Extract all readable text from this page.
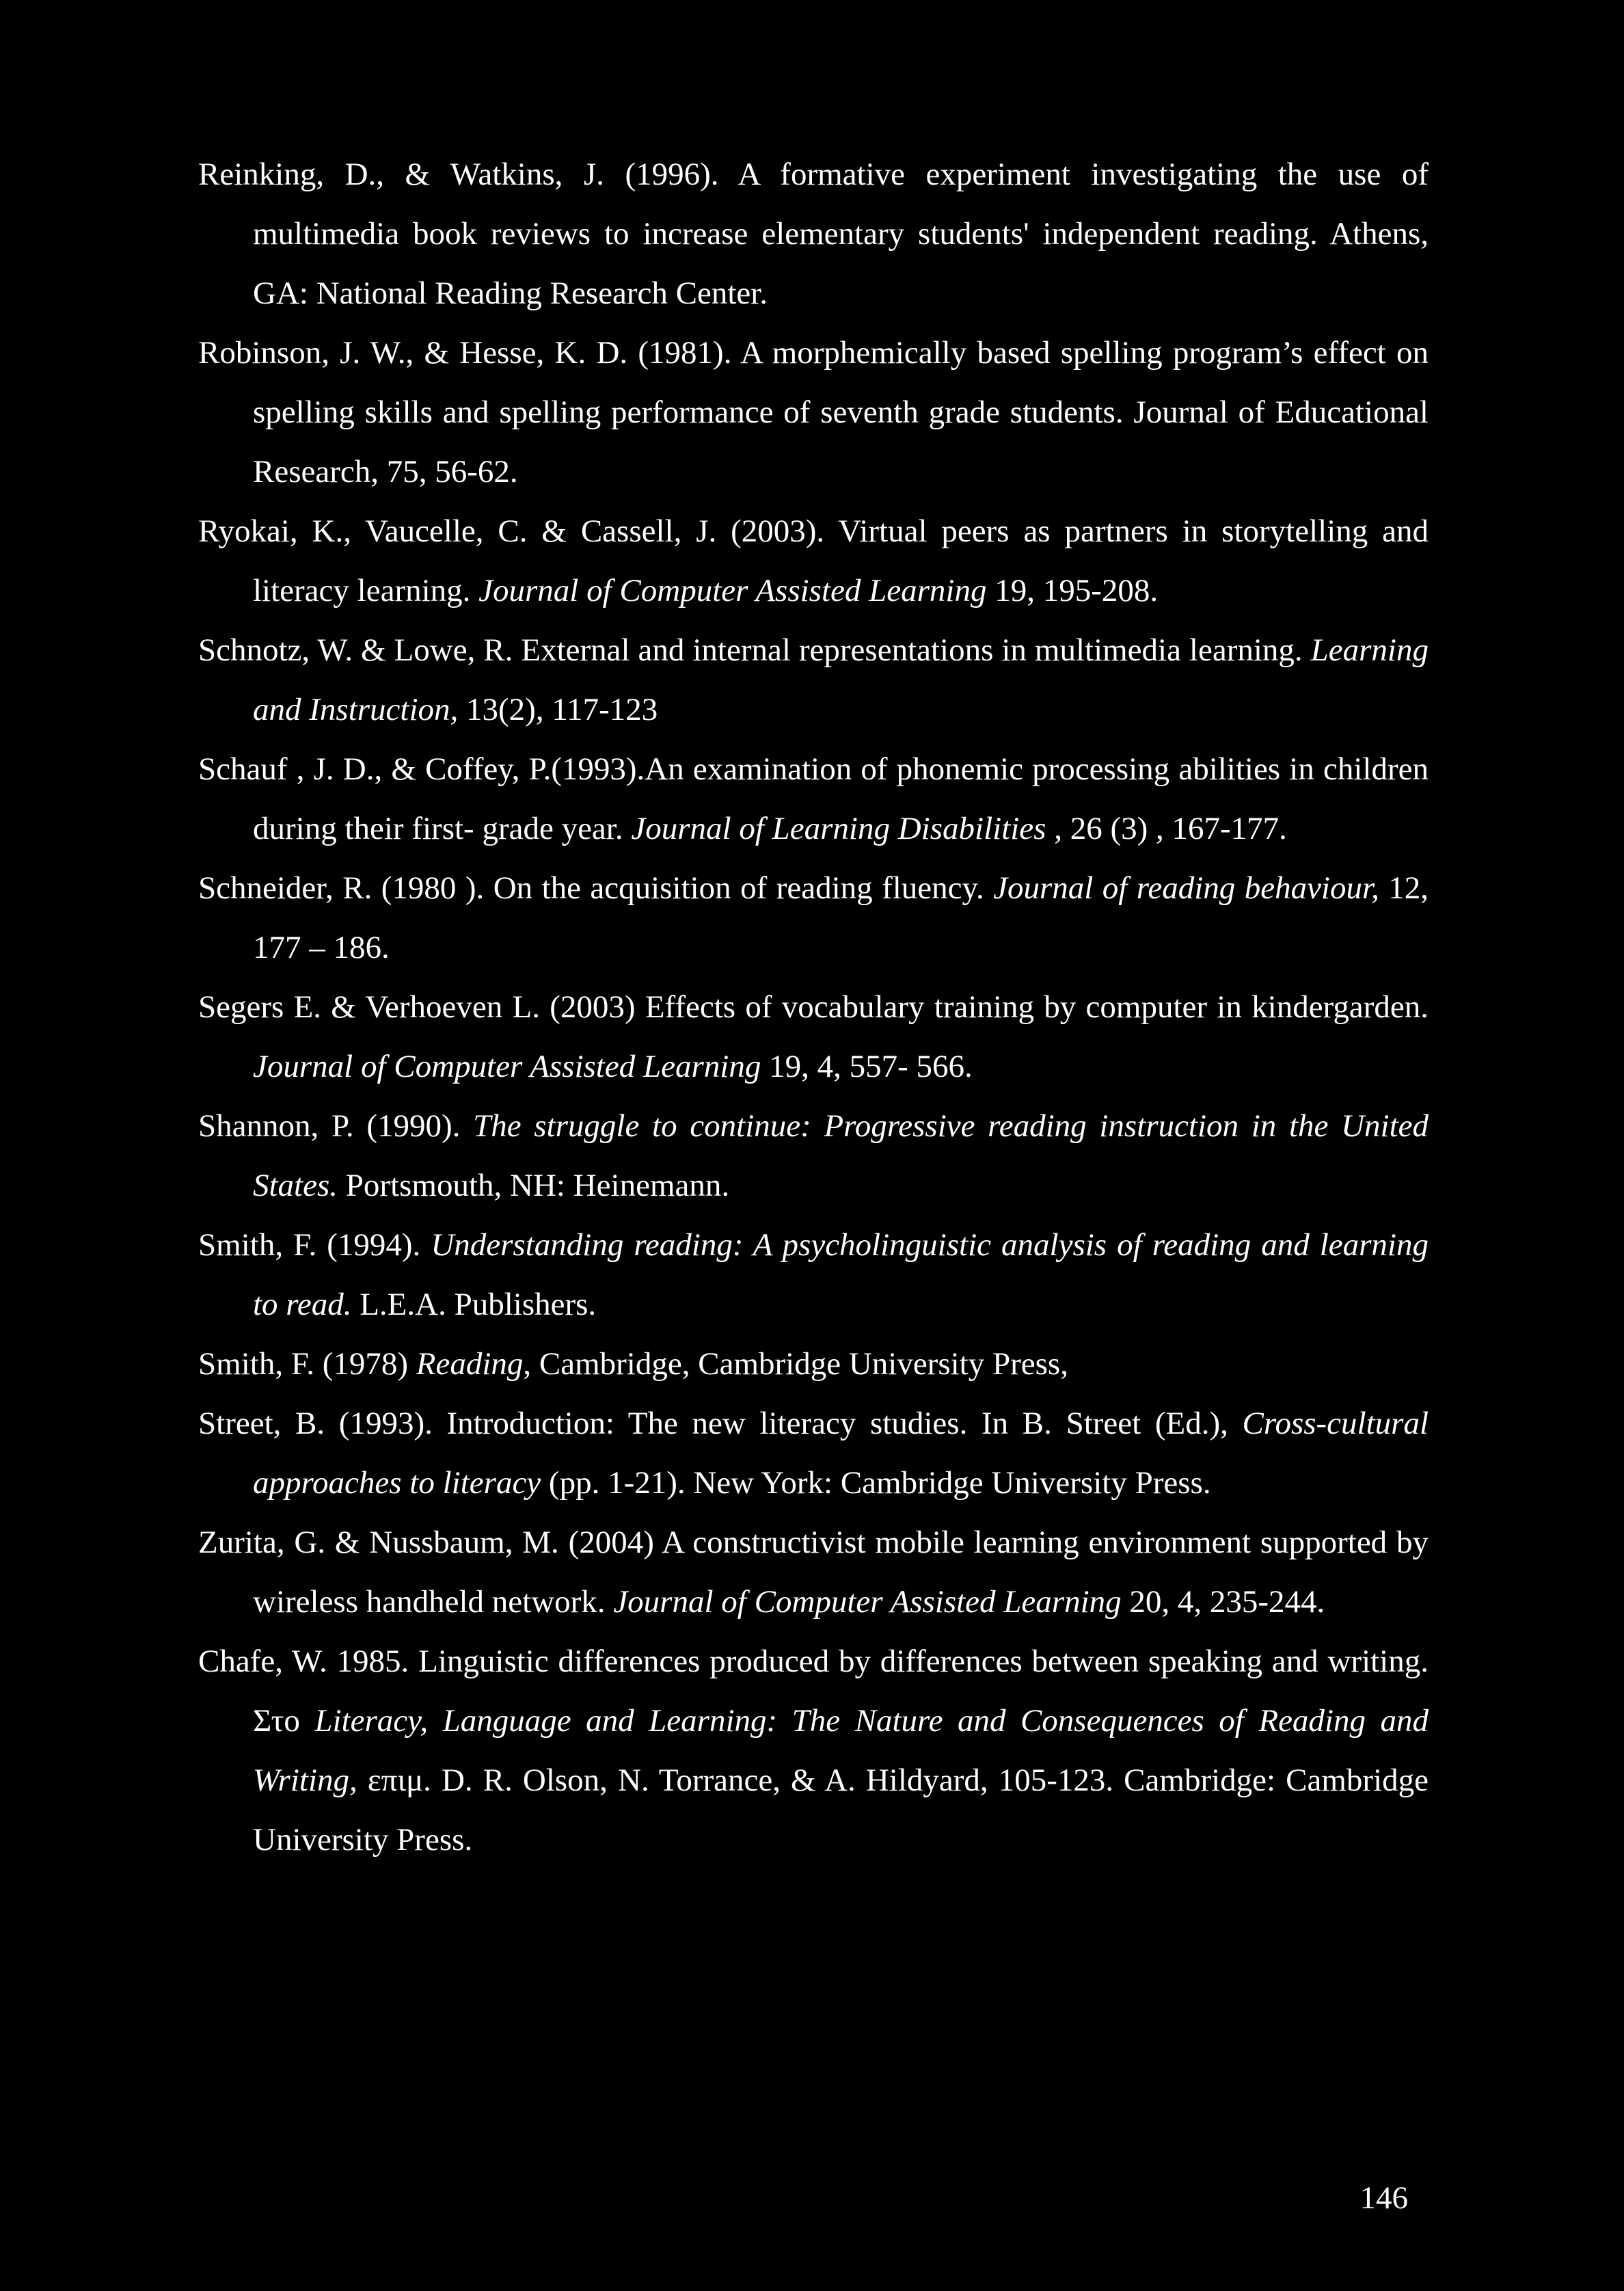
Reinking, D., & Watkins, J. (1996). A formative experiment investigating the use of multimedia book reviews to increase elementary students' independent reading. Athens, GA: National Reading Research Center.

Robinson, J. W., & Hesse, K. D. (1981). A morphemically based spelling program’s effect on spelling skills and spelling performance of seventh grade students. Journal of Educational Research, 75, 56-62.

Ryokai, K., Vaucelle, C. & Cassell, J. (2003). Virtual peers as partners in storytelling and literacy learning. Journal of Computer Assisted Learning 19, 195-208.

Schnotz, W. & Lowe, R. External and internal representations in multimedia learning. Learning and Instruction, 13(2), 117-123

Schauf , J. D., & Coffey, P.(1993).An examination of phonemic processing abilities in children during their first- grade year. Journal of Learning Disabilities , 26 (3) , 167-177.

Schneider, R. (1980 ). On the acquisition of reading fluency. Journal of reading behaviour, 12, 177 – 186.

Segers E. & Verhoeven L. (2003) Effects of vocabulary training by computer in kindergarden. Journal of Computer Assisted Learning 19, 4, 557- 566.

Shannon, P. (1990). The struggle to continue: Progressive reading instruction in the United States. Portsmouth, NH: Heinemann.

Smith, F. (1994). Understanding reading: A psycholinguistic analysis of reading and learning to read. L.E.A. Publishers.

Smith, F. (1978) Reading, Cambridge, Cambridge University Press,

Street, B. (1993). Introduction: The new literacy studies. In B. Street (Ed.), Cross-cultural approaches to literacy (pp. 1-21). New York: Cambridge University Press.

Zurita, G. & Nussbaum, M. (2004) A constructivist mobile learning environment supported by wireless handheld network. Journal of Computer Assisted Learning 20, 4, 235-244.

Chafe, W. 1985. Linguistic differences produced by differences between speaking and writing. Στο Literacy, Language and Learning: The Nature and Consequences of Reading and Writing, επιμ. D. R. Olson, N. Torrance, & A. Hildyard, 105-123. Cambridge: Cambridge University Press.

146
